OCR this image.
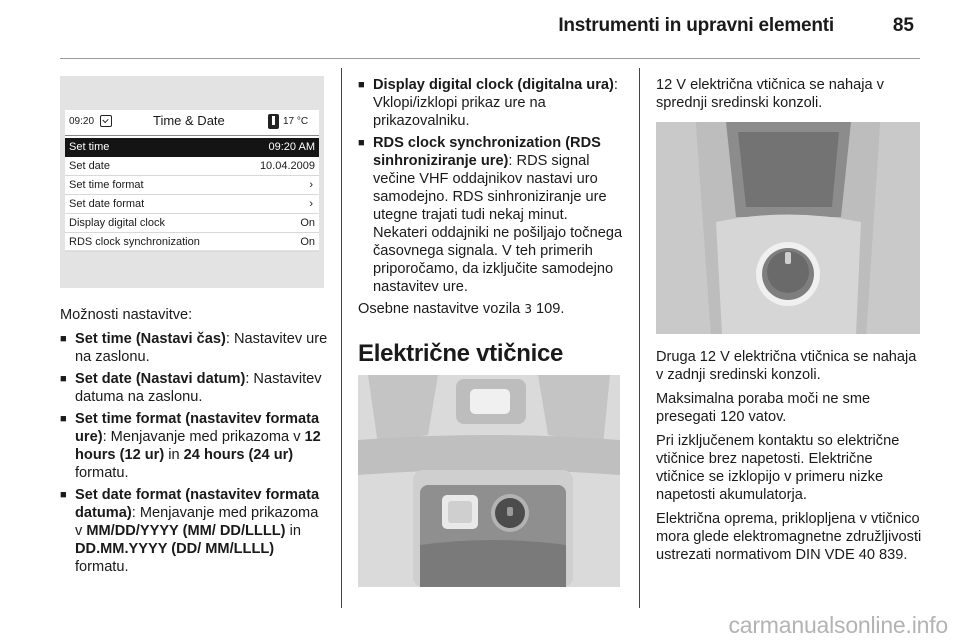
Instrumenti in upravni elementi	85
09:20	Time & Date	17 °C
Set time	09:20 AM
Set date	10.04.2009
Set time format	›
Set date format	›
Display digital clock	On
RDS clock synchronization	On

Možnosti nastavitve:

■ Set time (Nastavi čas): Nastavitev ure na zaslonu.
■ Set date (Nastavi datum): Nastavitev datuma na zaslonu.
■ Set time format (nastavitev formata ure): Menjavanje med prikazoma v 12 hours (12 ur) in 24 hours (24 ur) formatu.
■ Set date format (nastavitev formata datuma): Menjavanje med prikazoma v MM/DD/YYYY (MM/ DD/LLLL) in DD.MM.YYYY (DD/ MM/LLLL) formatu.
■ Display digital clock (digitalna ura): Vklopi/izklopi prikaz ure na prikazovalniku.
■ RDS clock synchronization (RDS sinhroniziranje ure): RDS signal večine VHF oddajnikov nastavi uro samodejno. RDS sinhroniziranje ure utegne trajati tudi nekaj minut. Nekateri oddajniki ne pošiljajo točnega časovnega signala. V teh primerih priporočamo, da izključite samodejno nastavitev ure.

Osebne nastavitve vozila 3 109.

Električne vtičnice

12 V električna vtičnica se nahaja v sprednji sredinski konzoli.

Druga 12 V električna vtičnica se nahaja v zadnji sredinski konzoli.

Maksimalna poraba moči ne sme presegati 120 vatov.

Pri izključenem kontaktu so električne vtičnice brez napetosti. Električne vtičnice se izklopijo v primeru nizke napetosti akumulatorja.

Električna oprema, priklopljena v vtičnico mora glede elektromagnetne združljivosti ustrezati normativom DIN VDE 40 839.

carmanualsonline.info
